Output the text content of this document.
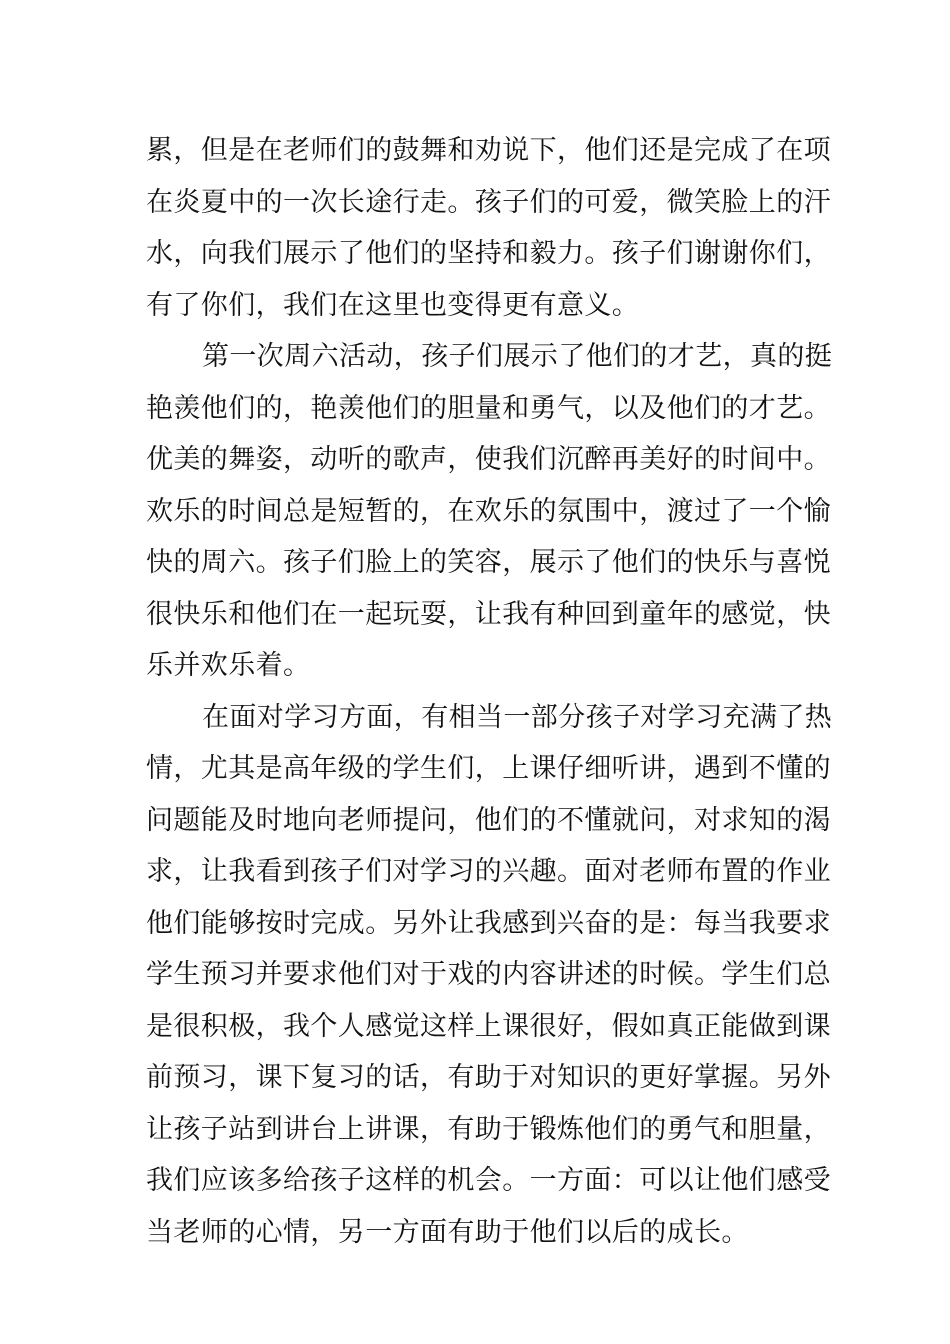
累，但是在老师们的鼓舞和劝说下，他们还是完成了在项
在炎夏中的一次长途行走。孩子们的可爱，微笑脸上的汗
水，向我们展示了他们的坚持和毅力。孩子们谢谢你们，
有了你们，我们在这里也变得更有意义。
第一次周六活动，孩子们展示了他们的才艺，真的挺
艳羡他们的，艳羡他们的胆量和勇气，以及他们的才艺。
优美的舞姿，动听的歌声，使我们沉醉再美好的时间中。
欢乐的时间总是短暂的，在欢乐的氛围中，渡过了一个愉
快的周六。孩子们脸上的笑容，展示了他们的快乐与喜悦
很快乐和他们在一起玩耍，让我有种回到童年的感觉，快
乐并欢乐着。
在面对学习方面，有相当一部分孩子对学习充满了热
情，尤其是高年级的学生们，上课仔细听讲，遇到不懂的
问题能及时地向老师提问，他们的不懂就问，对求知的渴
求，让我看到孩子们对学习的兴趣。面对老师布置的作业
他们能够按时完成。另外让我感到兴奋的是：每当我要求
学生预习并要求他们对于戏的内容讲述的时候。学生们总
是很积极，我个人感觉这样上课很好，假如真正能做到课
前预习，课下复习的话，有助于对知识的更好掌握。另外
让孩子站到讲台上讲课，有助于锻炼他们的勇气和胆量，
我们应该多给孩子这样的机会。一方面：可以让他们感受
当老师的心情，另一方面有助于他们以后的成长。
